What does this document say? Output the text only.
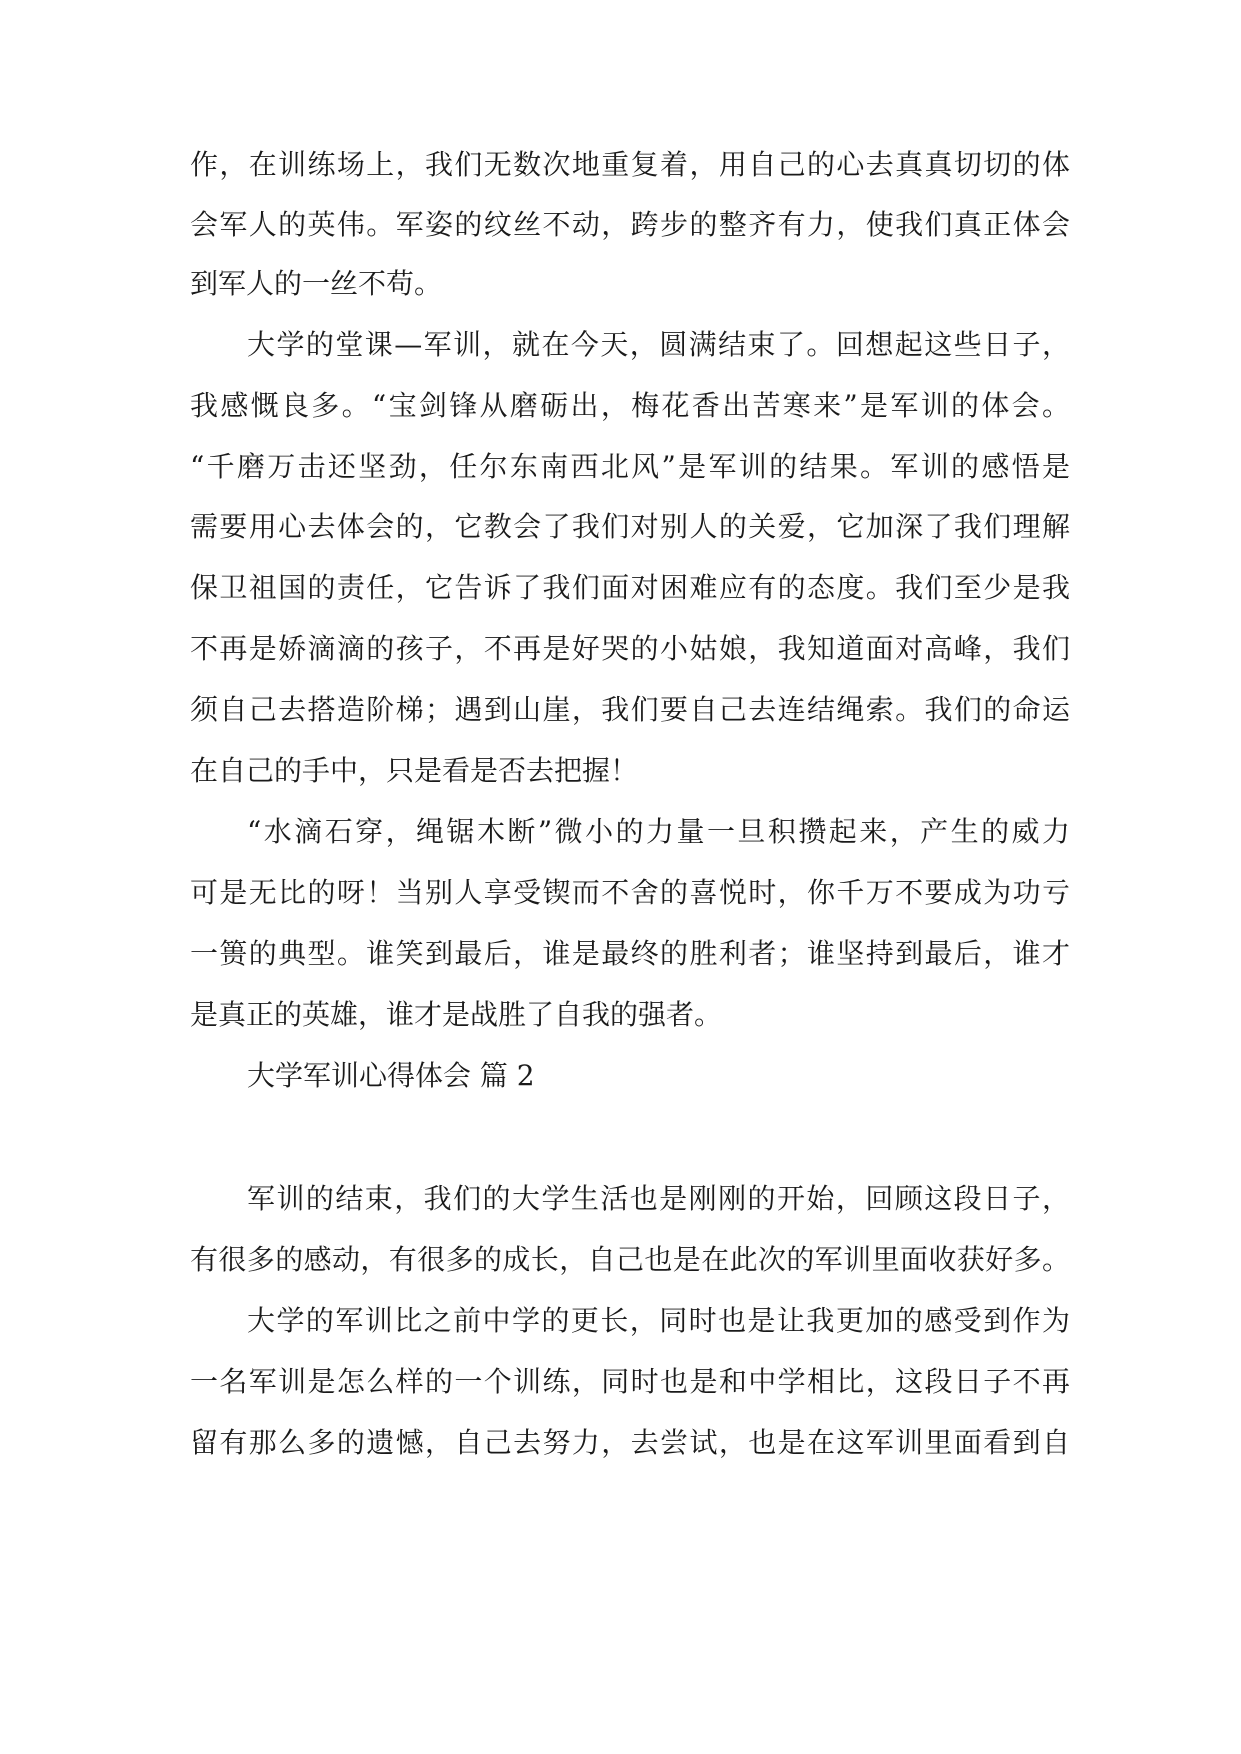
作，在训练场上，我们无数次地重复着，用自己的心去真真切切的体
会军人的英伟。军姿的纹丝不动，跨步的整齐有力，使我们真正体会
到军人的一丝不苟。
大学的堂课—军训，就在今天，圆满结束了。回想起这些日子，
我感慨良多。“宝剑锋从磨砺出，梅花香出苦寒来”是军训的体会。
“千磨万击还坚劲，任尔东南西北风”是军训的结果。军训的感悟是
需要用心去体会的，它教会了我们对别人的关爱，它加深了我们理解
保卫祖国的责任，它告诉了我们面对困难应有的态度。我们至少是我
不再是娇滴滴的孩子，不再是好哭的小姑娘，我知道面对高峰，我们
须自己去搭造阶梯；遇到山崖，我们要自己去连结绳索。我们的命运
在自己的手中，只是看是否去把握！
“水滴石穿，绳锯木断”微小的力量一旦积攒起来，产生的威力
可是无比的呀！当别人享受锲而不舍的喜悦时，你千万不要成为功亏
一篑的典型。谁笑到最后，谁是最终的胜利者；谁坚持到最后，谁才
是真正的英雄，谁才是战胜了自我的强者。
大学军训心得体会 篇 2
军训的结束，我们的大学生活也是刚刚的开始，回顾这段日子，
有很多的感动，有很多的成长，自己也是在此次的军训里面收获好多。
大学的军训比之前中学的更长，同时也是让我更加的感受到作为
一名军训是怎么样的一个训练，同时也是和中学相比，这段日子不再
留有那么多的遗憾，自己去努力，去尝试，也是在这军训里面看到自
